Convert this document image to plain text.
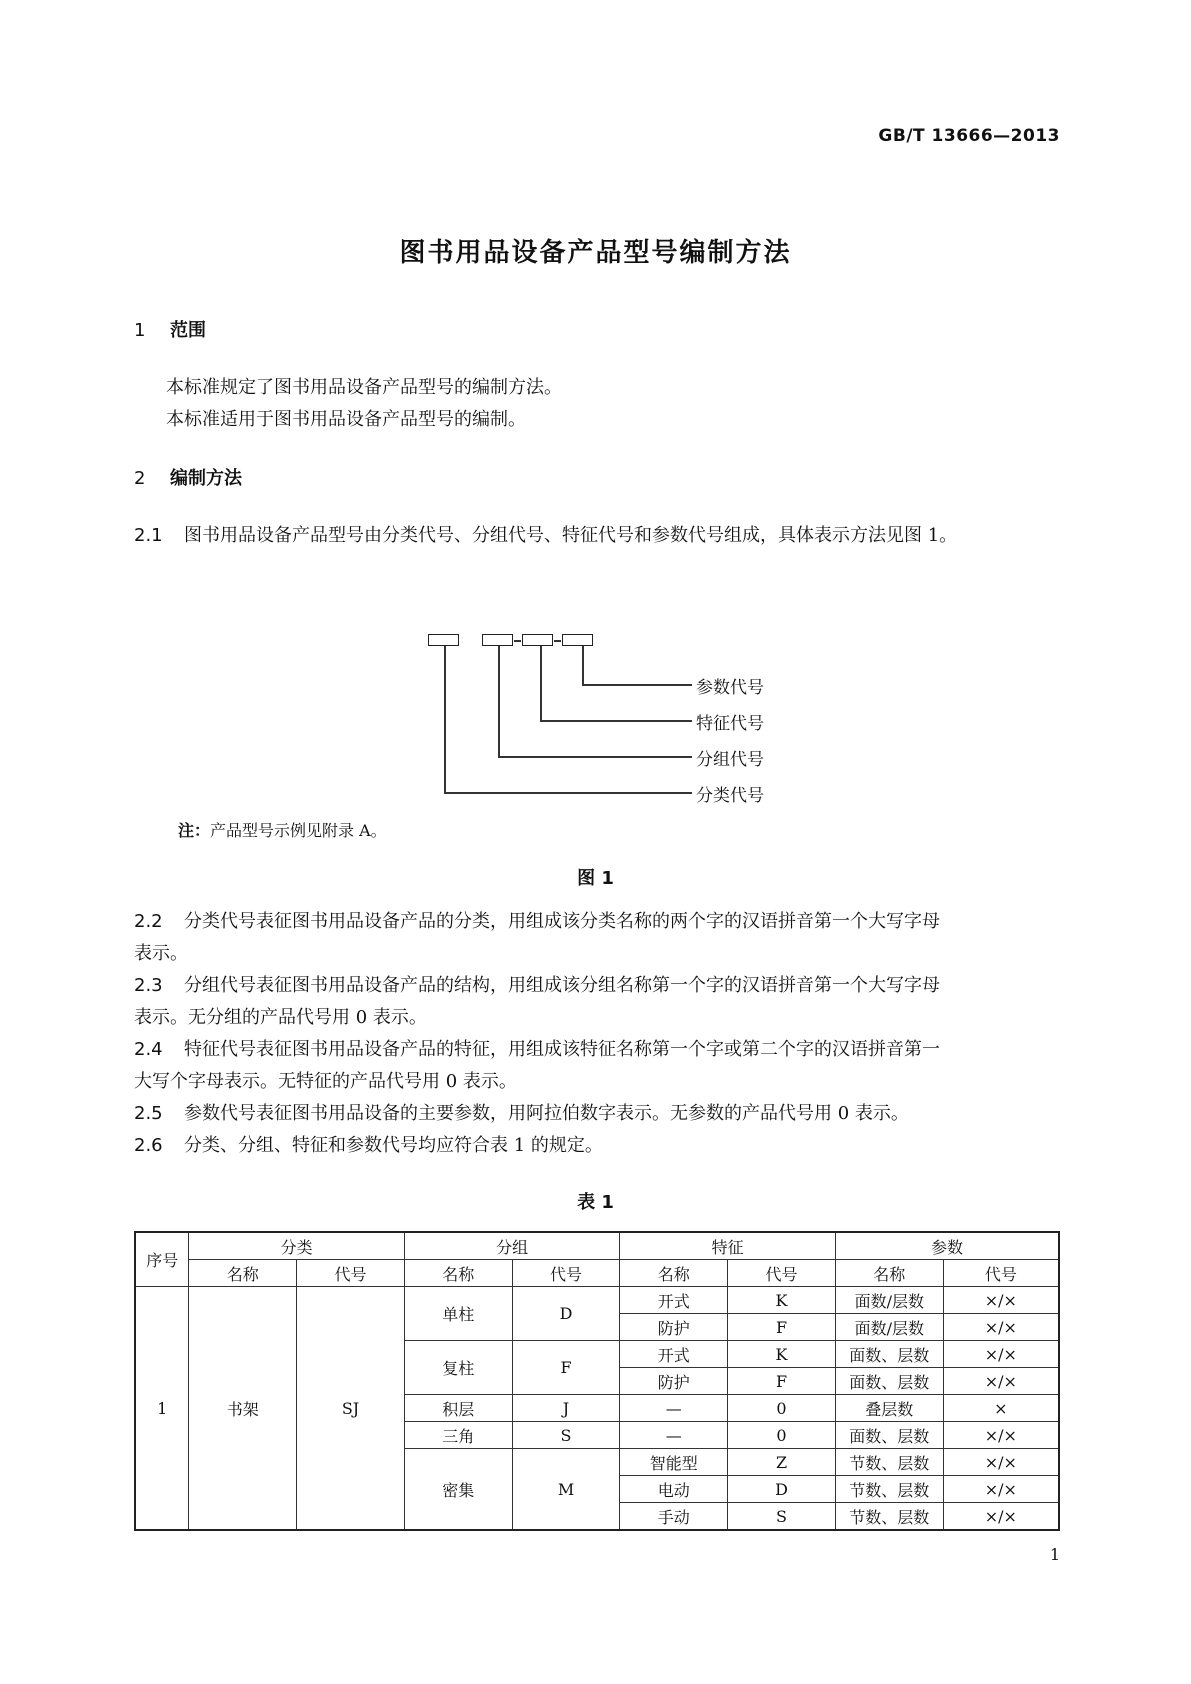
GB/T 13666—2013
图书用品设备产品型号编制方法
1 范围
本标准规定了图书用品设备产品型号的编制方法。
本标准适用于图书用品设备产品型号的编制。
2 编制方法
2.1 图书用品设备产品型号由分类代号、分组代号、特征代号和参数代号组成，具体表示方法见图 1。
参数代号
特征代号
分组代号
分类代号
注：产品型号示例见附录 A。
图 1
2.2 分类代号表征图书用品设备产品的分类，用组成该分类名称的两个字的汉语拼音第一个大写字母
表示。
2.3 分组代号表征图书用品设备产品的结构，用组成该分组名称第一个字的汉语拼音第一个大写字母
表示。无分组的产品代号用 0 表示。
2.4 特征代号表征图书用品设备产品的特征，用组成该特征名称第一个字或第二个字的汉语拼音第一
大写个字母表示。无特征的产品代号用 0 表示。
2.5 参数代号表征图书用品设备的主要参数，用阿拉伯数字表示。无参数的产品代号用 0 表示。
2.6 分类、分组、特征和参数代号均应符合表 1 的规定。
表 1
序号	分类		分组		特征		参数	
	名称	代号	名称	代号	名称	代号	名称	代号
1	书架	SJ	单柱	D	开式	K	面数/层数	×/×
					防护	F	面数/层数	×/×
			复柱	F	开式	K	面数、层数	×/×
					防护	F	面数、层数	×/×
			积层	J	—	0	叠层数	×
			三角	S	—	0	面数、层数	×/×
			密集	M	智能型	Z	节数、层数	×/×
					电动	D	节数、层数	×/×
					手动	S	节数、层数	×/×
1
